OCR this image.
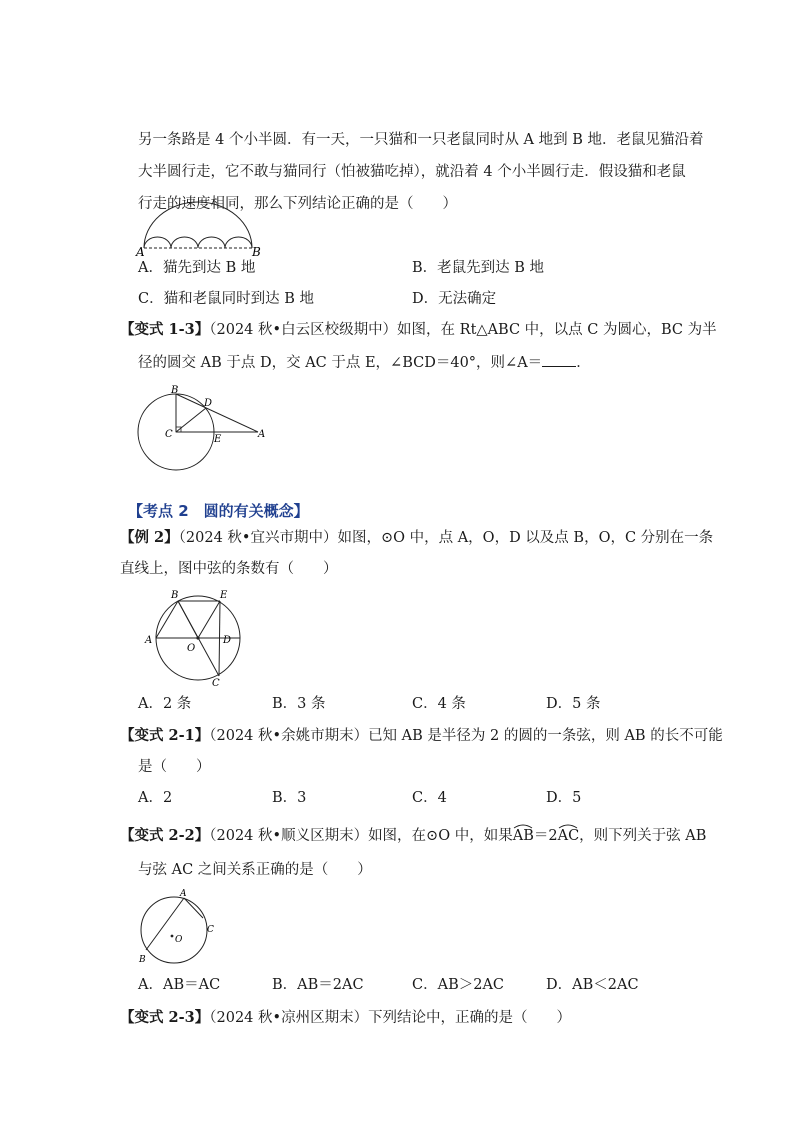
另一条路是 4 个小半圆．有一天，一只猫和一只老鼠同时从 A 地到 B 地．老鼠见猫沿着
大半圆行走，它不敢与猫同行（怕被猫吃掉），就沿着 4 个小半圆行走．假设猫和老鼠
A	B
A．猫先到达 B 地	B．老鼠先到达 B 地
C．猫和老鼠同时到达 B 地	D．无法确定
【变式 1-3】（2024 秋•白云区校级期中）如图，在 Rt△ABC 中，以点 C 为圆心，BC 为半
径的圆交 AB 于点 D，交 AC 于点 E，∠BCD＝40°，则∠A＝ ．
B
D
C	E	A
【考点 2　圆的有关概念】
【例 2】（2024 秋•宜兴市期中）如图，⊙O 中，点 A，O，D 以及点 B，O，C 分别在一条
直线上，图中弦的条数有（　　）
B	E
A
O
D
C
A．2 条	B．3 条	C．4 条	D．5 条
【变式 2-1】（2024 秋•余姚市期末）已知 AB 是半径为 2 的圆的一条弦，则 AB 的长不可能
是（　　）
A．2	B．3	C．4	D．5
【变式 2-2】（2024 秋•顺义区期末）如图，在⊙O 中，如果
AB＝2
AC，则下列关于弦 AB
与弦 AC 之间关系正确的是（　　）
A
C
O
B
A．AB＝AC	B．AB＝2AC	C．AB＞2AC	D．AB＜2AC
【变式 2-3】（2024 秋•凉州区期末）下列结论中，正确的是（　　）
行走的速度相同，那么下列结论正确的是（　　）
